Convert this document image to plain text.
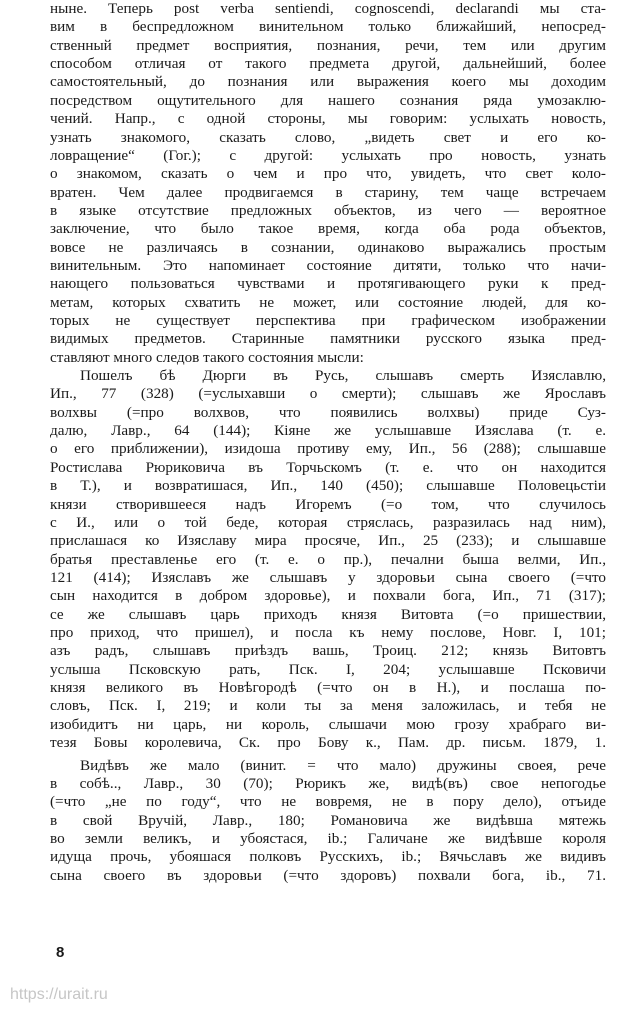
ныне. Теперь post verba sentiendi, cognoscendi, declarandi мы ста-
вим в беспредложном винительном только ближайший, непосред-
ственный предмет восприятия, познания, речи, тем или другим
способом отличая от такого предмета другой, дальнейший, более
самостоятельный, до познания или выражения коего мы доходим
посредством ощутительного для нашего сознания ряда умозаклю-
чений. Напр., с одной стороны, мы говорим: услыхать новость,
узнать знакомого, сказать слово, „видеть свет и его ко-
ловращение“ (Гог.); с другой: услыхать про новость, узнать
о знакомом, сказать о чем и про что, увидеть, что свет коло-
вратен. Чем далее продвигаемся в старину, тем чаще встречаем
в языке отсутствие предложных объектов, из чего — вероятное
заключение, что было такое время, когда оба рода объектов,
вовсе не различаясь в сознании, одинаково выражались простым
винительным. Это напоминает состояние дитяти, только что начи-
нающего пользоваться чувствами и протягивающего руки к пред-
метам, которых схватить не может, или состояние людей, для ко-
торых не существует перспектива при графическом изображении
видимых предметов. Старинные памятники русского языка пред-
ставляют много следов такого состояния мысли:
Пошелъ бѣ Дюрги въ Русь, слышавъ смерть Изяславлю,
Ип., 77 (328) (=услыхавши о смерти); слышавъ же Ярославъ
волхвы (=про волхвов, что появились волхвы) приде Суз-
далю, Лавр., 64 (144); Кіяне же услышавше Изяслава (т. е.
о его приближении), изидоша противу ему, Ип., 56 (288); слышавше
Ростислава Рюриковича въ Торчьскомъ (т. е. что он находится
в Т.), и возвратишася, Ип., 140 (450); слышавше Половецьстіи
князи створившееся надъ Игоремъ (=о том, что случилось
с И., или о той беде, которая стряслась, разразилась над ним),
прислашася ко Изяславу мира просяче, Ип., 25 (233); и слышавше
братья преставленье его (т. е. о пр.), печални быша велми, Ип.,
121 (414); Изяславъ же слышавъ у здоровьи сына своего (=что
сын находится в добром здоровье), и похвали бога, Ип., 71 (317);
се же слышавъ царь приходъ князя Витовта (=о пришествии,
про приход, что пришел), и посла къ нему послове, Новг. I, 101;
азъ радъ, слышавъ приѣздъ вашь, Троиц. 212; князь Витовтъ
услыша Псковскую рать, Пск. I, 204; услышавше Псковичи
князя великого въ Новѣгородѣ (=что он в Н.), и послаша по-
словъ, Пск. I, 219; и коли ты за меня заложилась, и тебя не
изобидитъ ни царь, ни король, слышачи мою грозу храбраго ви-
тезя Бовы королевича, Ск. про Бову к., Пам. др. письм. 1879, 1.
Видѣвъ же мало (винит. = что мало) дружины своея, рече
в собѣ.., Лавр., 30 (70); Рюрикъ же, видѣ(въ) свое непогодье
(=что „не по году“, что не вовремя, не в пору дело), отъиде
в свой Вручій, Лавр., 180; Романовича же видѣвша мятежь
во земли великъ, и убоястася, ib.; Галичане же видѣвше короля
идуща прочь, убояшася полковъ Русскихъ, ib.; Вячьславъ же видивъ
сына своего въ здоровьи (=что здоровъ) похвали бога, ib., 71.
8
https://urait.ru
